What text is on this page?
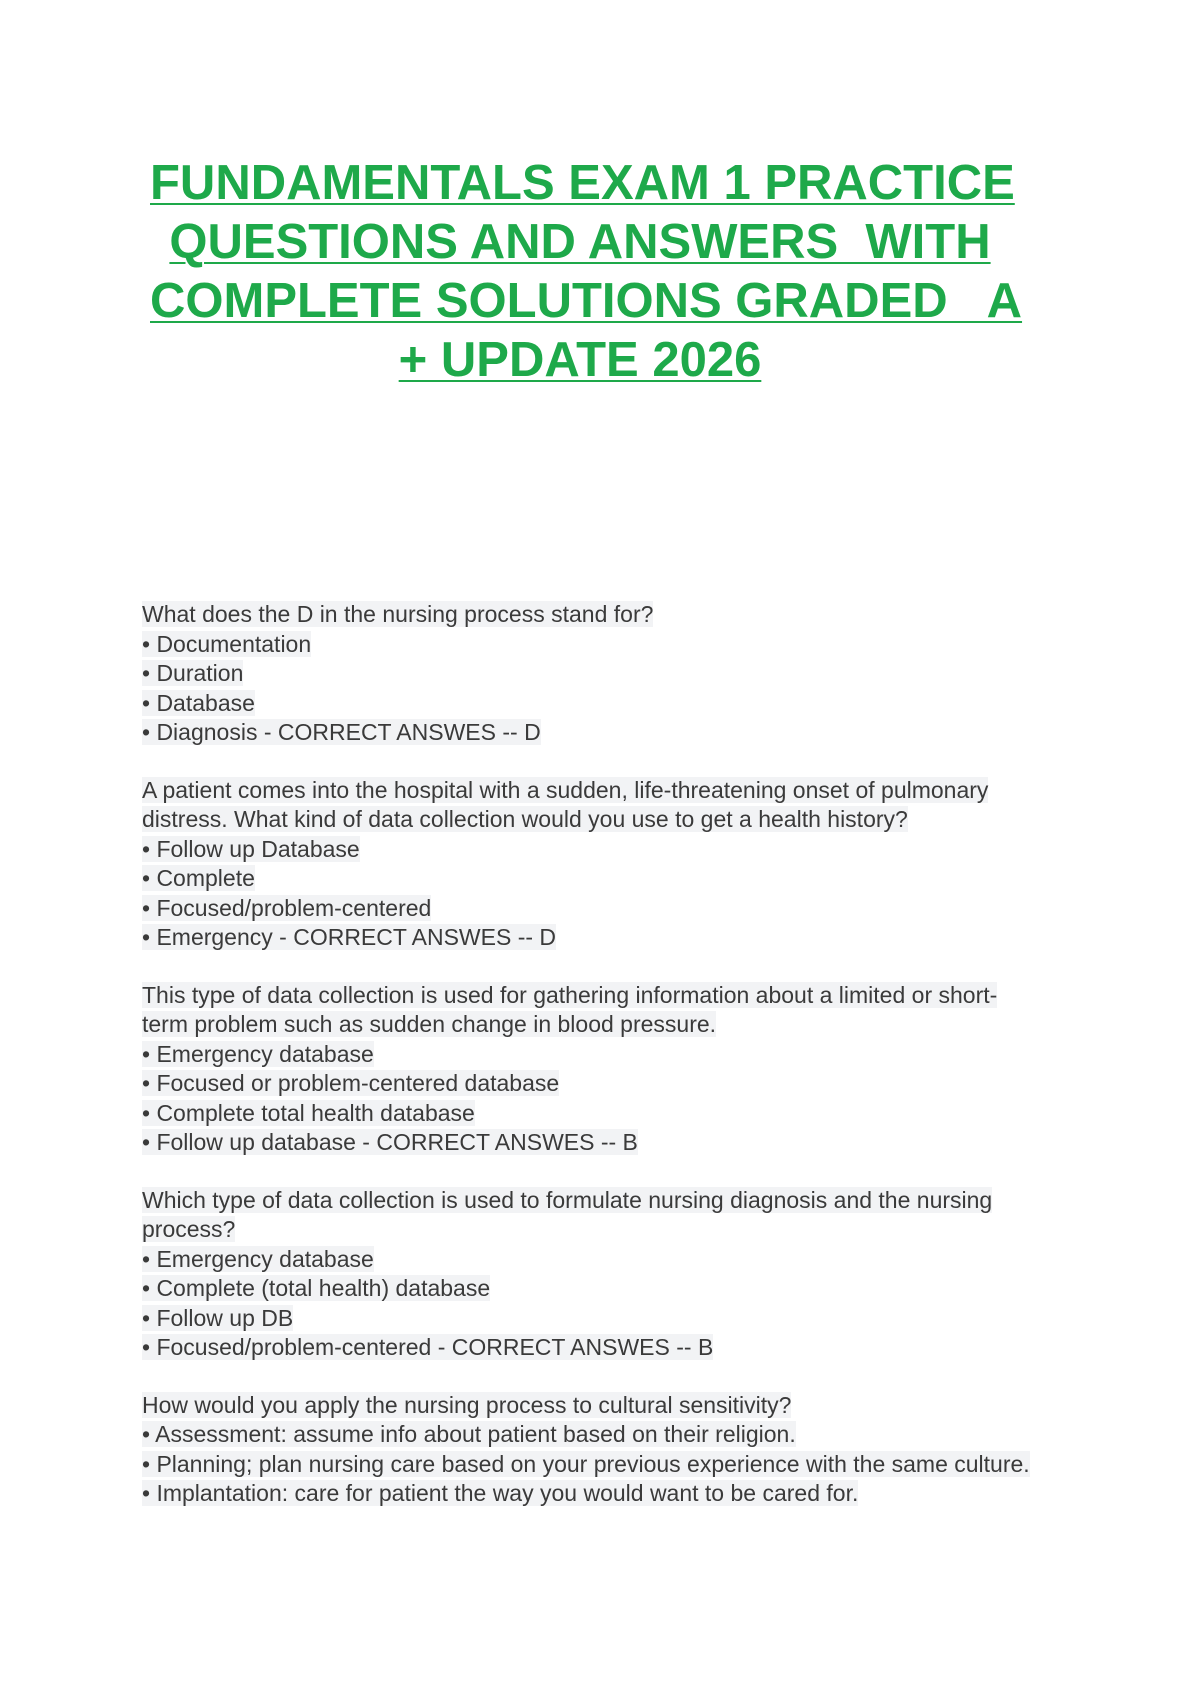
FUNDAMENTALS EXAM 1 PRACTICE
QUESTIONS AND ANSWERS  WITH
COMPLETE SOLUTIONS GRADED   A
+ UPDATE 2026
What does the D in the nursing process stand for?
• Documentation
• Duration
• Database
• Diagnosis - CORRECT ANSWES -- D
A patient comes into the hospital with a sudden, life-threatening onset of pulmonary
distress. What kind of data collection would you use to get a health history?
• Follow up Database
• Complete
• Focused/problem-centered
• Emergency - CORRECT ANSWES -- D
This type of data collection is used for gathering information about a limited or short-
term problem such as sudden change in blood pressure.
• Emergency database
• Focused or problem-centered database
• Complete total health database
• Follow up database - CORRECT ANSWES -- B
Which type of data collection is used to formulate nursing diagnosis and the nursing
process?
• Emergency database
• Complete (total health) database
• Follow up DB
• Focused/problem-centered - CORRECT ANSWES -- B
How would you apply the nursing process to cultural sensitivity?
• Assessment: assume info about patient based on their religion.
• Planning; plan nursing care based on your previous experience with the same culture.
• Implantation: care for patient the way you would want to be cared for.
